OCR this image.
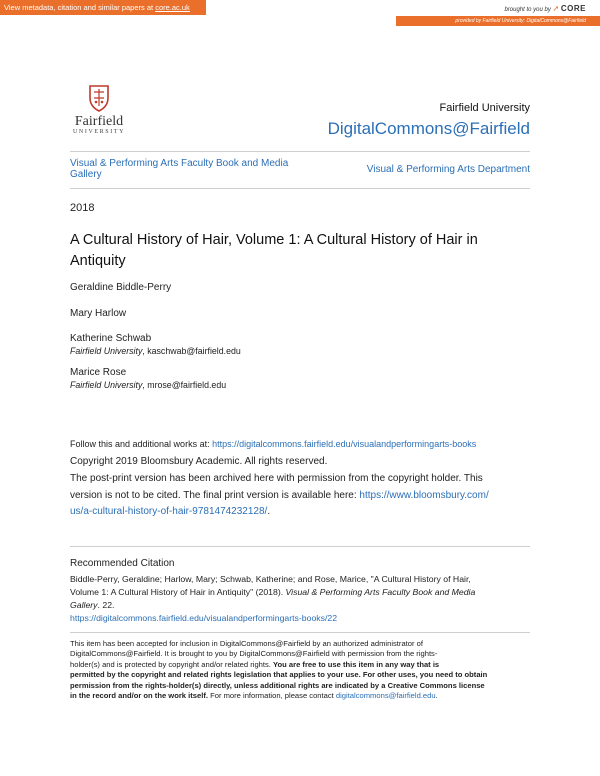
View metadata, citation and similar papers at core.ac.uk	brought to you by ➚ CORE
provided by Fairfield University: DigitalCommons@Fairfield
Fairfield
UNIVERSITY
Fairfield University
DigitalCommons@Fairfield
Visual & Performing Arts Faculty Book and Media Gallery	Visual & Performing Arts Department
2018
A Cultural History of Hair, Volume 1: A Cultural History of Hair in Antiquity
Geraldine Biddle-Perry
Mary Harlow
Katherine Schwab
Fairfield University, kaschwab@fairfield.edu
Marice Rose
Fairfield University, mrose@fairfield.edu
Follow this and additional works at: https://digitalcommons.fairfield.edu/visualandperformingarts-books
Copyright 2019 Bloomsbury Academic. All rights reserved.
The post-print version has been archived here with permission from the copyright holder. This
version is not to be cited. The final print version is available here: https://www.bloomsbury.com/
us/a-cultural-history-of-hair-9781474232128/.
Recommended Citation
Biddle-Perry, Geraldine; Harlow, Mary; Schwab, Katherine; and Rose, Marice, "A Cultural History of Hair,
Volume 1: A Cultural History of Hair in Antiquity" (2018). Visual & Performing Arts Faculty Book and Media
Gallery. 22.
https://digitalcommons.fairfield.edu/visualandperformingarts-books/22
This item has been accepted for inclusion in DigitalCommons@Fairfield by an authorized administrator of
DigitalCommons@Fairfield. It is brought to you by DigitalCommons@Fairfield with permission from the rights-
holder(s) and is protected by copyright and/or related rights. You are free to use this item in any way that is
permitted by the copyright and related rights legislation that applies to your use. For other uses, you need to obtain
permission from the rights-holder(s) directly, unless additional rights are indicated by a Creative Commons license
in the record and/or on the work itself. For more information, please contact digitalcommons@fairfield.edu.
